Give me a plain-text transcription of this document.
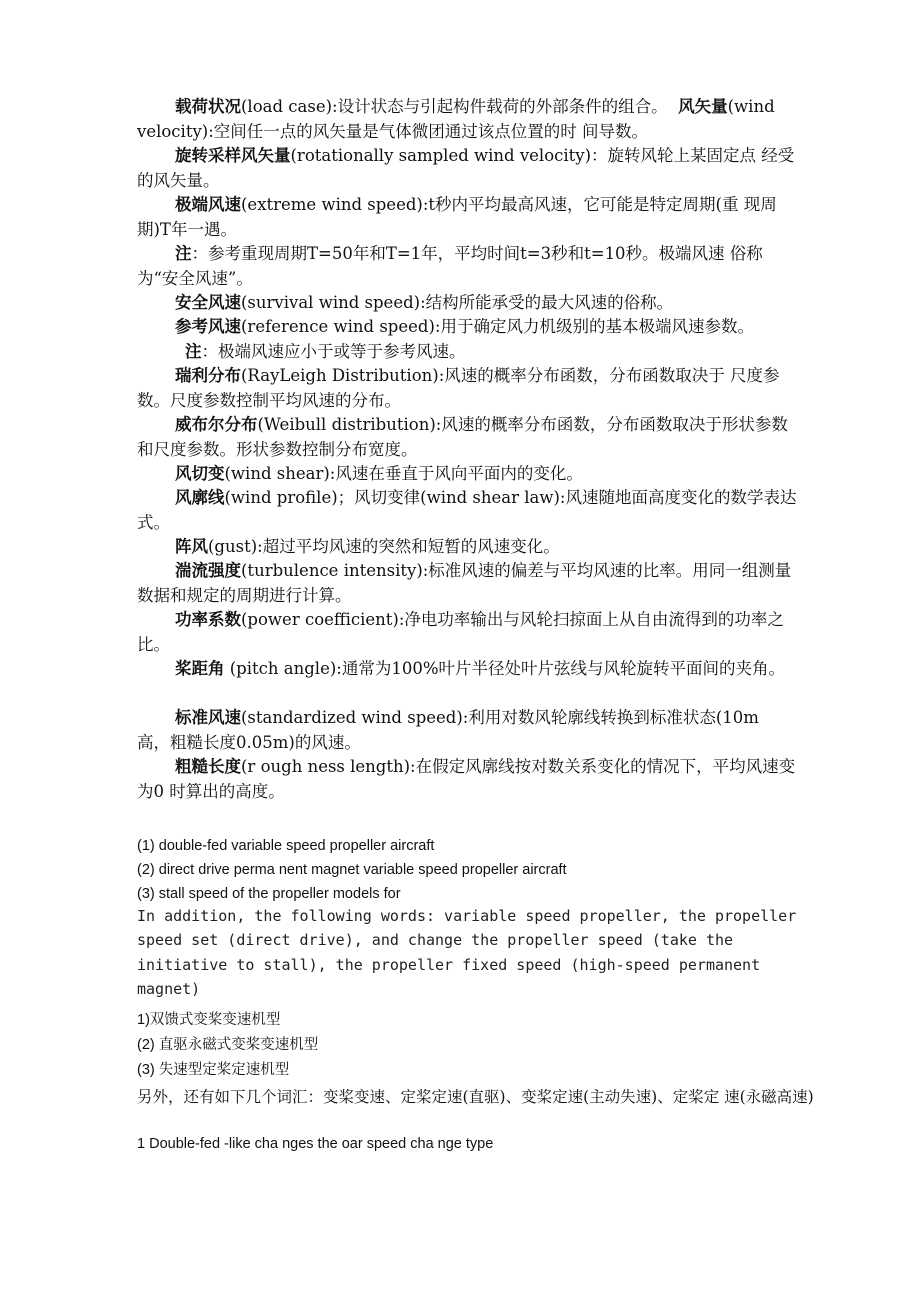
载荷状况(load case):设计状态与引起构件载荷的外部条件的组合。 风矢量(wind velocity):空间任一点的风矢量是气体微团通过该点位置的时 间导数。

旋转采样风矢量(rotationally sampled wind velocity)：旋转风轮上某固定点 经受的风矢量。

极端风速(extreme wind speed):t秒内平均最高风速，它可能是特定周期(重 现周期)T年一遇。

注：参考重现周期T=50年和T=1年，平均时间t=3秒和t=10秒。极端风速 俗称为“安全风速”。

安全风速(survival wind speed):结构所能承受的最大风速的俗称。

参考风速(reference wind speed):用于确定风力机级别的基本极端风速参数。

注：极端风速应小于或等于参考风速。

瑞利分布(RayLeigh Distribution):风速的概率分布函数，分布函数取决于 尺度参数。尺度参数控制平均风速的分布。

威布尔分布(Weibull distribution):风速的概率分布函数，分布函数取决于形状参数和尺度参数。形状参数控制分布宽度。

风切变(wind shear):风速在垂直于风向平面内的变化。

风廓线(wind profile)；风切变律(wind shear law):风速随地面高度变化的数学表达式。

阵风(gust):超过平均风速的突然和短暂的风速变化。

湍流强度(turbulence intensity):标准风速的偏差与平均风速的比率。用同一组测量数据和规定的周期进行计算。

功率系数(power coefficient):净电功率输出与风轮扫掠面上从自由流得到的功率之比。

桨距角 (pitch angle):通常为100%叶片半径处叶片弦线与风轮旋转平面间的夹角。

标准风速(standardized wind speed):利用对数风轮廓线转换到标准状态(10m 高，粗糙长度0.05m)的风速。

粗糙长度(r ough ness length):在假定风廓线按对数关系变化的情况下，平均风速变为0 时算出的高度。

(1) double-fed variable speed propeller aircraft

(2) direct drive perma nent magnet variable speed propeller aircraft

(3) stall speed of the propeller models for

In addition, the following words: variable speed propeller, the propeller speed set (direct drive), and change the propeller speed (take the initiative to stall), the propeller fixed speed (high-speed permanent magnet)

1)双馈式变桨变速机型

(2) 直驱永磁式变桨变速机型

(3) 失速型定桨定速机型

另外，还有如下几个词汇：变桨变速、定桨定速(直驱)、变桨定速(主动失速)、定桨定 速(永磁高速)

1 Double-fed -like cha nges the oar speed cha nge type
